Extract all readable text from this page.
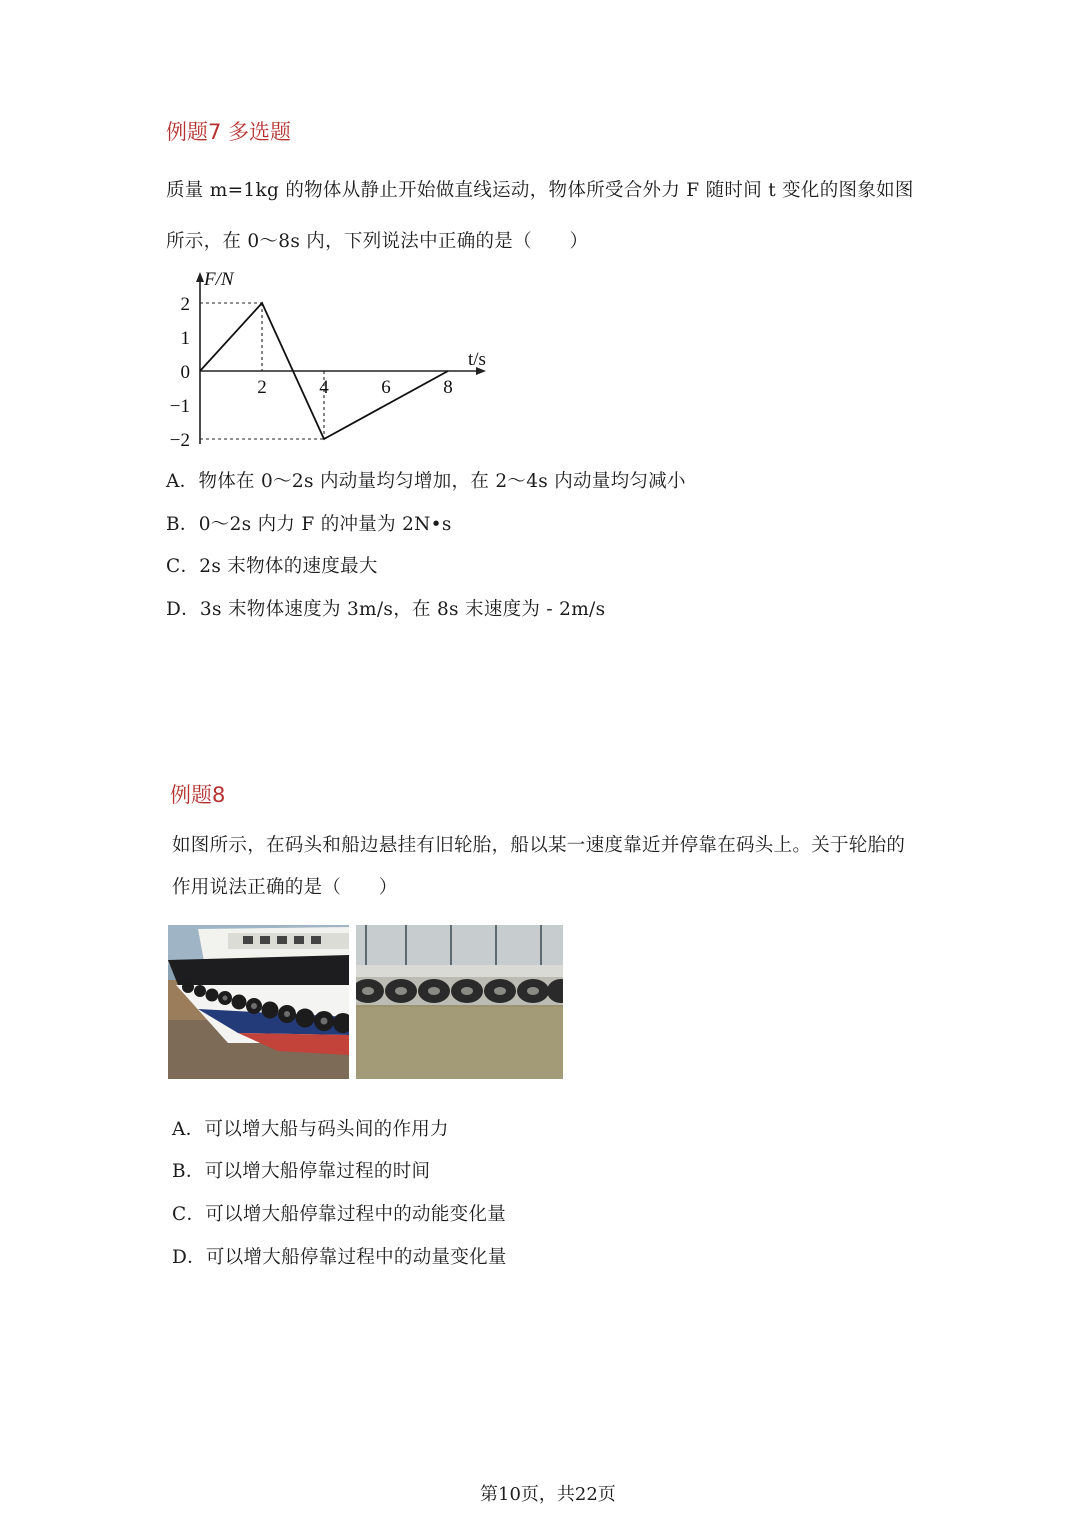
例题7 多选题
质量 m=1kg 的物体从静止开始做直线运动，物体所受合外力 F 随时间 t 变化的图象如图
所示，在 0～8s 内，下列说法中正确的是（　　）
2
1
0
−1
−2
2	4	6	8
F/N
t/s
A．物体在 0～2s 内动量均匀增加，在 2～4s 内动量均匀减小
B．0～2s 内力 F 的冲量为 2N•s
C．2s 末物体的速度最大
D．3s 末物体速度为 3m/s，在 8s 末速度为 - 2m/s
例题8
如图所示，在码头和船边悬挂有旧轮胎，船以某一速度靠近并停靠在码头上。关于轮胎的
作用说法正确的是（　　）
A．可以增大船与码头间的作用力
B．可以增大船停靠过程的时间
C．可以增大船停靠过程中的动能变化量
D．可以增大船停靠过程中的动量变化量
第10页，共22页
